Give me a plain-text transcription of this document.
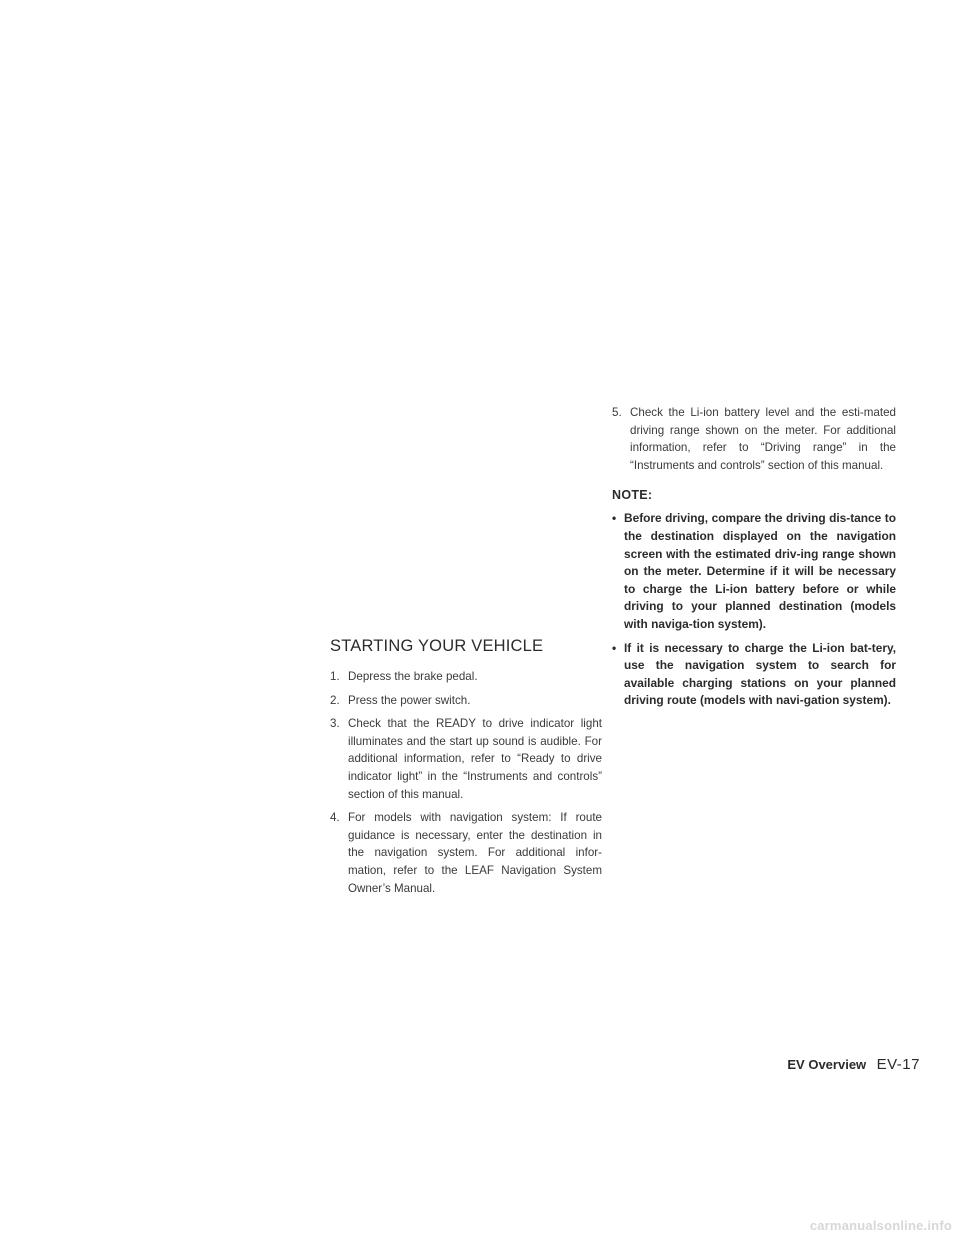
STARTING YOUR VEHICLE
1. Depress the brake pedal.
2. Press the power switch.
3. Check that the READY to drive indicator light illuminates and the start up sound is audible. For additional information, refer to “Ready to drive indicator light” in the “Instruments and controls” section of this manual.
4. For models with navigation system: If route guidance is necessary, enter the destination in the navigation system. For additional infor-mation, refer to the LEAF Navigation System Owner’s Manual.
5. Check the Li-ion battery level and the esti-mated driving range shown on the meter. For additional information, refer to “Driving range” in the “Instruments and controls” section of this manual.
NOTE:
• Before driving, compare the driving dis-tance to the destination displayed on the navigation screen with the estimated driv-ing range shown on the meter. Determine if it will be necessary to charge the Li-ion battery before or while driving to your planned destination (models with naviga-tion system).
• If it is necessary to charge the Li-ion bat-tery, use the navigation system to search for available charging stations on your planned driving route (models with navi-gation system).
EV Overview EV-17
carmanualsonline.info
